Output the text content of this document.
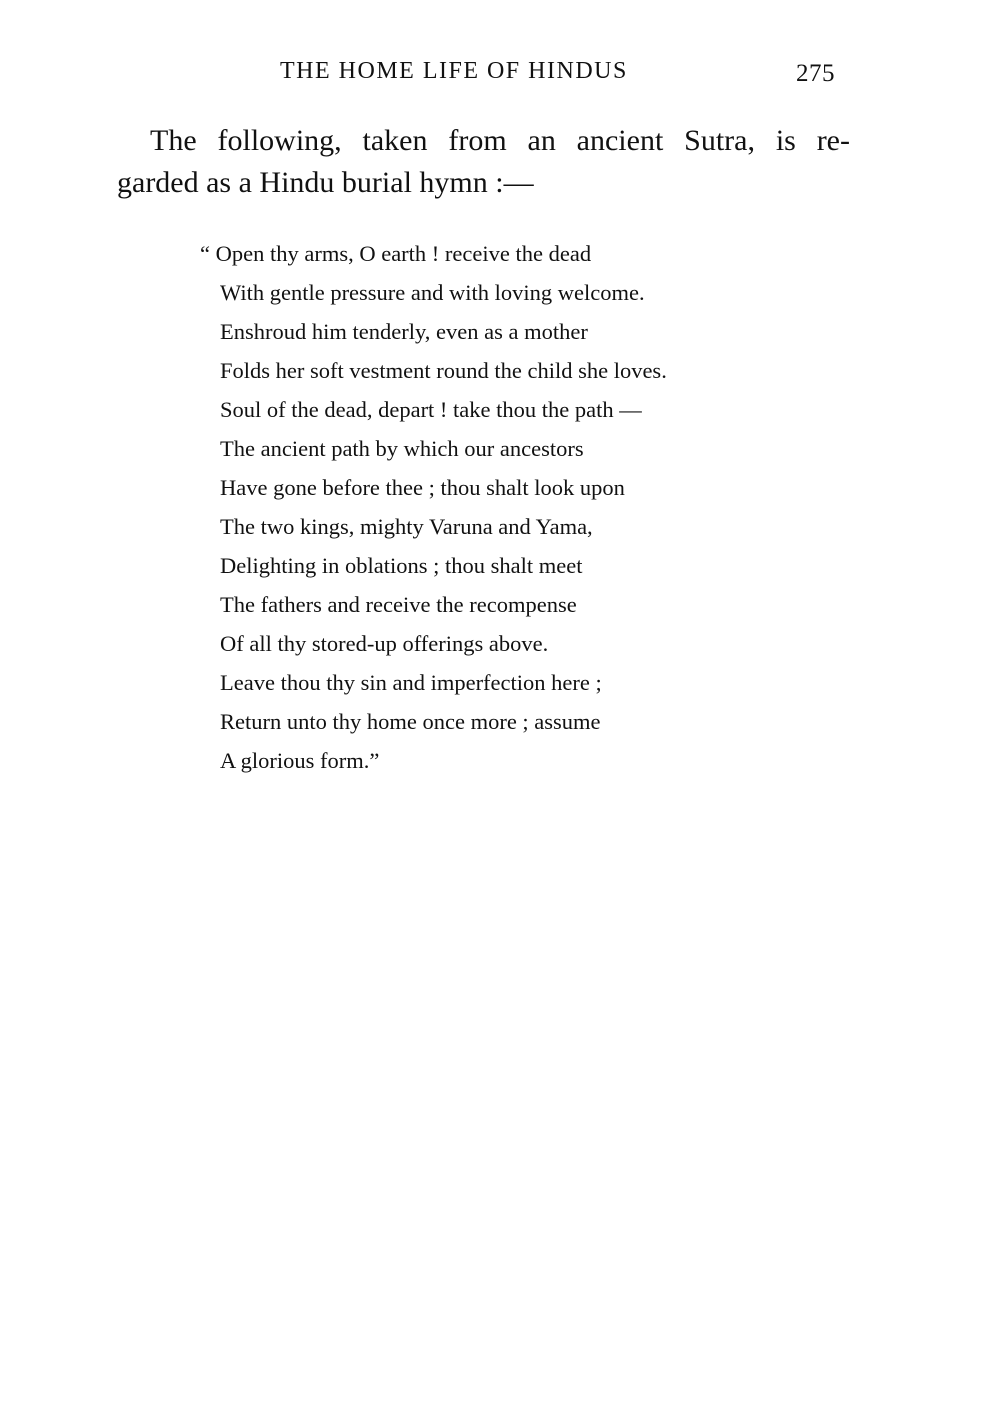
THE HOME LIFE OF HINDUS	275
The following, taken from an ancient Sutra, is re-
garded as a Hindu burial hymn :—
“ Open thy arms, O earth ! receive the dead
With gentle pressure and with loving welcome.
Enshroud him tenderly, even as a mother
Folds her soft vestment round the child she loves.
Soul of the dead, depart ! take thou the path —
The ancient path by which our ancestors
Have gone before thee ; thou shalt look upon
The two kings, mighty Varuna and Yama,
Delighting in oblations ; thou shalt meet
The fathers and receive the recompense
Of all thy stored-up offerings above.
Leave thou thy sin and imperfection here ;
Return unto thy home once more ; assume
A glorious form.”
